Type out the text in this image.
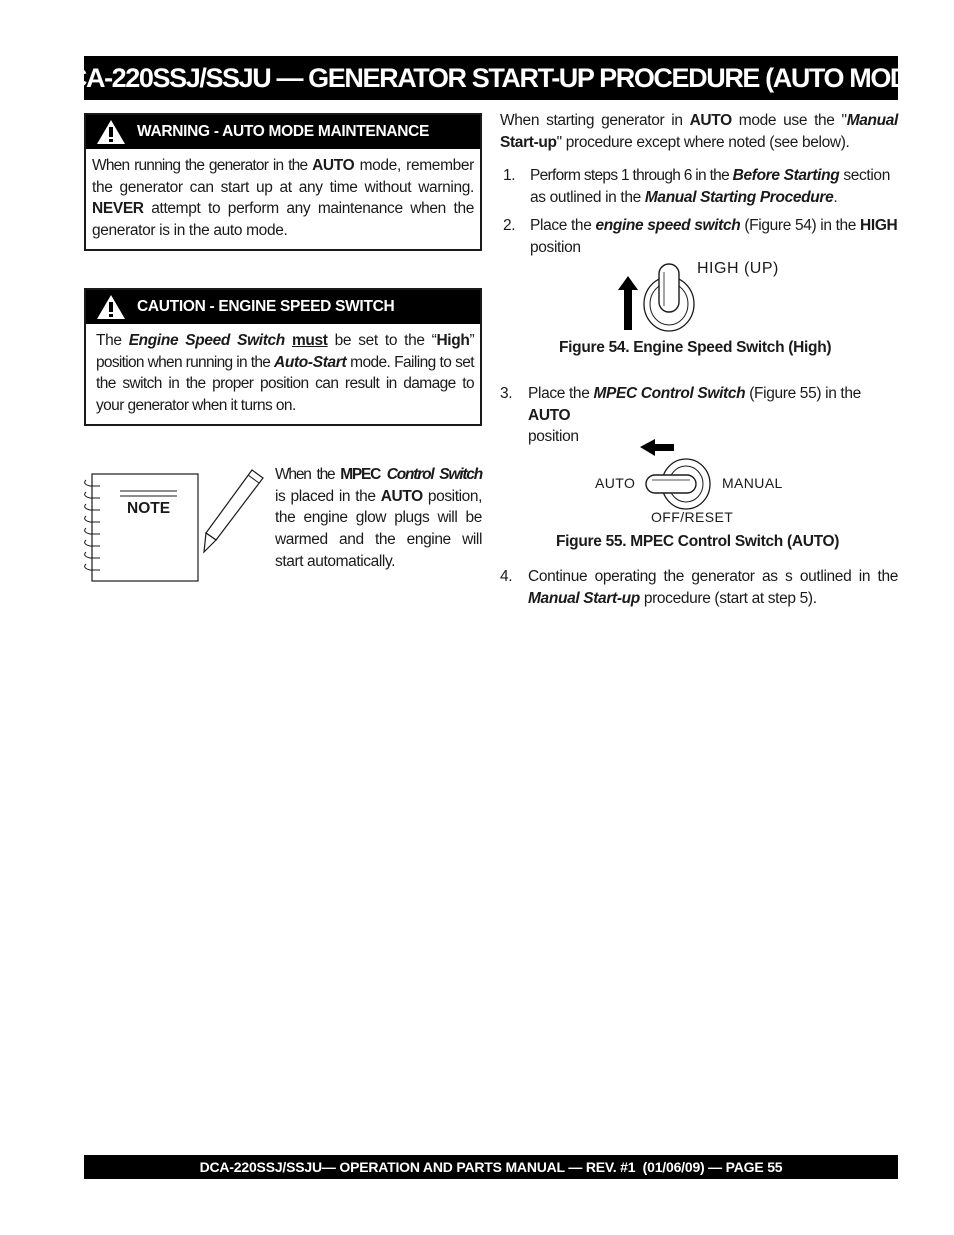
DCA-220SSJ/SSJU — GENERATOR START-UP PROCEDURE (AUTO MODE)
WARNING - AUTO MODE MAINTENANCE
When running the generator in the AUTO mode, remember the generator can start up at any time without warning. NEVER attempt to perform any maintenance when the generator is in the auto mode.
CAUTION - ENGINE SPEED SWITCH
The Engine Speed Switch must be set to the “High” position when running in the Auto-Start mode. Failing to set the switch in the proper position can result in damage to your generator when it turns on.
NOTE
When the MPEC Control Switch is placed in the AUTO position, the engine glow plugs will be warmed and the engine will start automatically.
When starting generator in AUTO mode use the "Manual Start-up" procedure except where noted (see below).
1. Perform steps 1 through 6 in the Before Starting section as outlined in the Manual Starting Procedure.
2. Place the engine speed switch (Figure 54) in the HIGH
position
HIGH (UP)
Figure 54. Engine Speed Switch (High)
3. Place the MPEC Control Switch (Figure 55) in the AUTO
position
AUTO	MANUAL
OFF/RESET
Figure 55. MPEC Control Switch (AUTO)
4. Continue operating the generator as s outlined in the Manual Start-up procedure (start at step 5).
DCA-220SSJ/SSJU— OPERATION AND PARTS MANUAL — REV. #1  (01/06/09) — PAGE 55
